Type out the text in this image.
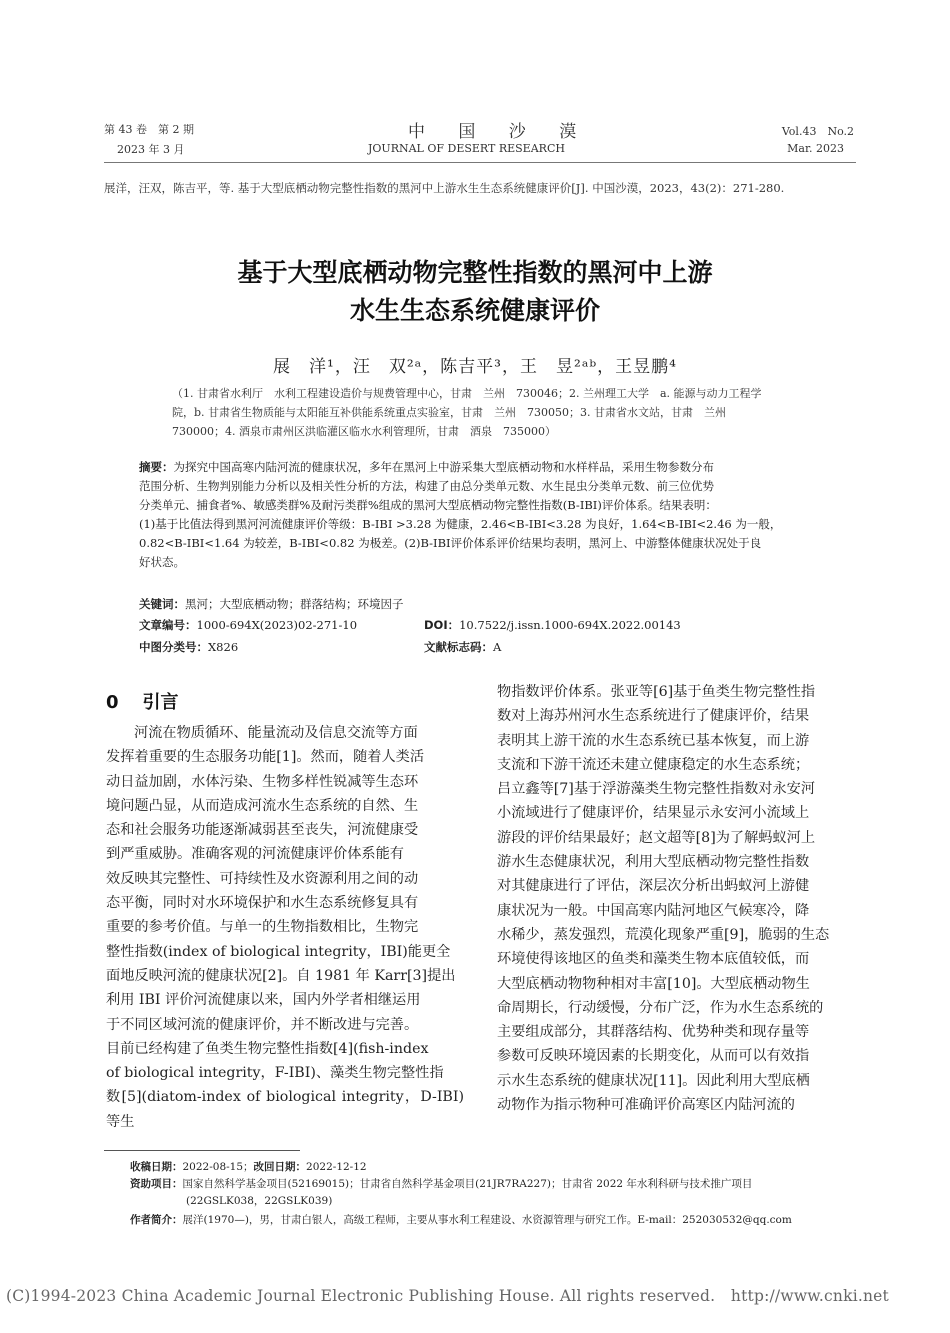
第 43 卷　第 2 期
2023 年 3 月
中 国 沙 漠
JOURNAL OF DESERT RESEARCH
Vol.43　No.2
Mar. 2023
展洋，汪双，陈吉平，等. 基于大型底栖动物完整性指数的黑河中上游水生生态系统健康评价[J]. 中国沙漠，2023，43(2)：271-280.
基于大型底栖动物完整性指数的黑河中上游
水生生态系统健康评价
展　洋¹，汪　双²ᵃ，陈吉平³，王　昱²ᵃᵇ，王昱鹏⁴
（1. 甘肃省水利厅　水利工程建设造价与规费管理中心，甘肃　兰州　730046；2. 兰州理工大学　a. 能源与动力工程学
院，b. 甘肃省生物质能与太阳能互补供能系统重点实验室，甘肃　兰州　730050；3. 甘肃省水文站，甘肃　兰州
730000；4. 酒泉市肃州区洪临灌区临水水利管理所，甘肃　酒泉　735000）
摘要：为探究中国高寒内陆河流的健康状况，多年在黑河上中游采集大型底栖动物和水样样品，采用生物参数分布
范围分析、生物判别能力分析以及相关性分析的方法，构建了由总分类单元数、水生昆虫分类单元数、前三位优势
分类单元、捕食者%、敏感类群%及耐污类群%组成的黑河大型底栖动物完整性指数(B-IBI)评价体系。结果表明：
(1)基于比值法得到黑河河流健康评价等级：B-IBI >3.28 为健康，2.46<B-IBI<3.28 为良好，1.64<B-IBI<2.46 为一般，
0.82<B-IBI<1.64 为较差，B-IBI<0.82 为极差。(2)B-IBI评价体系评价结果均表明，黑河上、中游整体健康状况处于良
好状态。
关键词：黑河；大型底栖动物；群落结构；环境因子
文章编号：1000-694X(2023)02-271-10	DOI：10.7522/j.issn.1000-694X.2022.00143
中图分类号：X826	文献标志码：A
0 引言
河流在物质循环、能量流动及信息交流等方面
发挥着重要的生态服务功能[1]。然而，随着人类活
动日益加剧，水体污染、生物多样性锐减等生态环
境问题凸显，从而造成河流水生态系统的自然、生
态和社会服务功能逐渐减弱甚至丧失，河流健康受
到严重威胁。准确客观的河流健康评价体系能有
效反映其完整性、可持续性及水资源利用之间的动
态平衡，同时对水环境保护和水生态系统修复具有
重要的参考价值。与单一的生物指数相比，生物完
整性指数(index of biological integrity，IBI)能更全
面地反映河流的健康状况[2]。自 1981 年 Karr[3]提出
利用 IBI 评价河流健康以来，国内外学者相继运用
于不同区域河流的健康评价，并不断改进与完善。
目前已经构建了鱼类生物完整性指数[4](fish-index
of biological integrity，F-IBI)、藻类生物完整性指
数[5](diatom-index of biological integrity，D-IBI)等生
物指数评价体系。张亚等[6]基于鱼类生物完整性指
数对上海苏州河水生态系统进行了健康评价，结果
表明其上游干流的水生态系统已基本恢复，而上游
支流和下游干流还未建立健康稳定的水生态系统；
吕立鑫等[7]基于浮游藻类生物完整性指数对永安河
小流域进行了健康评价，结果显示永安河小流域上
游段的评价结果最好；赵文超等[8]为了解蚂蚁河上
游水生态健康状况，利用大型底栖动物完整性指数
对其健康进行了评估，深层次分析出蚂蚁河上游健
康状况为一般。中国高寒内陆河地区气候寒冷，降
水稀少，蒸发强烈，荒漠化现象严重[9]，脆弱的生态
环境使得该地区的鱼类和藻类生物本底值较低，而
大型底栖动物物种相对丰富[10]。大型底栖动物生
命周期长，行动缓慢，分布广泛，作为水生态系统的
主要组成部分，其群落结构、优势种类和现存量等
参数可反映环境因素的长期变化，从而可以有效指
示水生态系统的健康状况[11]。因此利用大型底栖
动物作为指示物种可准确评价高寒区内陆河流的
收稿日期：2022-08-15；改回日期：2022-12-12
资助项目：国家自然科学基金项目(52169015)；甘肃省自然科学基金项目(21JR7RA227)；甘肃省 2022 年水利科研与技术推广项目
(22GSLK038，22GSLK039)
作者简介：展洋(1970—)，男，甘肃白银人，高级工程师，主要从事水利工程建设、水资源管理与研究工作。E-mail：252030532@qq.com
(C)1994-2023 China Academic Journal Electronic Publishing House. All rights reserved.　http://www.cnki.net
